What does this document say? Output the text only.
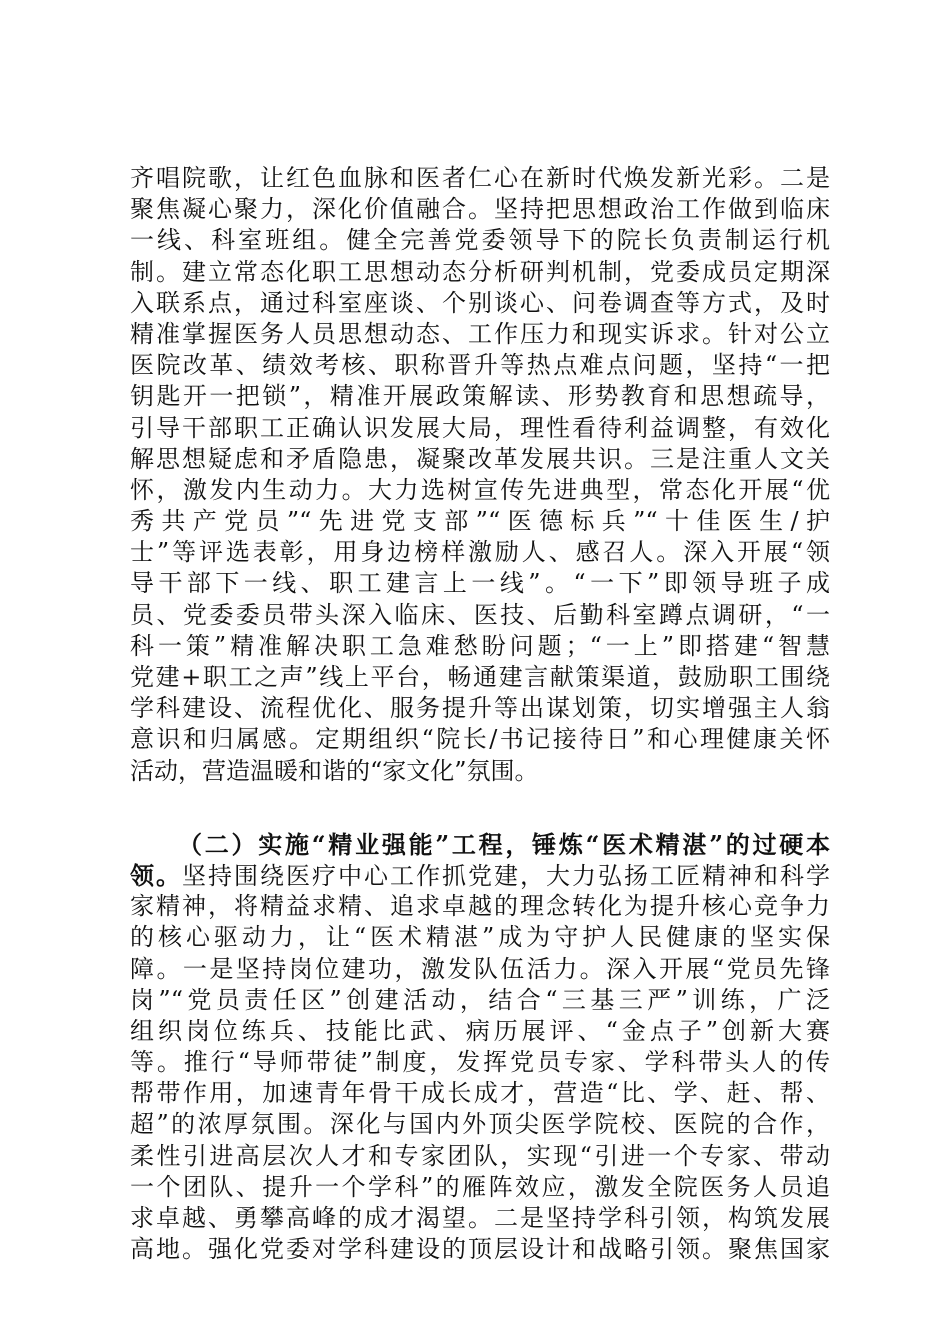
齐唱院歌，让红色血脉和医者仁心在新时代焕发新光彩。二是
聚焦凝心聚力，深化价值融合。坚持把思想政治工作做到临床
一线、科室班组。健全完善党委领导下的院长负责制运行机
制。建立常态化职工思想动态分析研判机制，党委成员定期深
入联系点，通过科室座谈、个别谈心、问卷调查等方式，及时
精准掌握医务人员思想动态、工作压力和现实诉求。针对公立
医院改革、绩效考核、职称晋升等热点难点问题，坚持“一把
钥匙开一把锁”，精准开展政策解读、形势教育和思想疏导，
引导干部职工正确认识发展大局，理性看待利益调整，有效化
解思想疑虑和矛盾隐患，凝聚改革发展共识。三是注重人文关
怀，激发内生动力。大力选树宣传先进典型，常态化开展“优
秀共产党员”“先进党支部”“医德标兵”“十佳医生/护
士”等评选表彰，用身边榜样激励人、感召人。深入开展“领
导干部下一线、职工建言上一线”。“一下”即领导班子成
员、党委委员带头深入临床、医技、后勤科室蹲点调研，“一
科一策”精准解决职工急难愁盼问题；“一上”即搭建“智慧
党建+职工之声”线上平台，畅通建言献策渠道，鼓励职工围绕
学科建设、流程优化、服务提升等出谋划策，切实增强主人翁
意识和归属感。定期组织“院长/书记接待日”和心理健康关怀
活动，营造温暖和谐的“家文化”氛围。
（二）实施“精业强能”工程，锤炼“医术精湛”的过硬本
领。坚持围绕医疗中心工作抓党建，大力弘扬工匠精神和科学
家精神，将精益求精、追求卓越的理念转化为提升核心竞争力
的核心驱动力，让“医术精湛”成为守护人民健康的坚实保
障。一是坚持岗位建功，激发队伍活力。深入开展“党员先锋
岗”“党员责任区”创建活动，结合“三基三严”训练，广泛
组织岗位练兵、技能比武、病历展评、“金点子”创新大赛
等。推行“导师带徒”制度，发挥党员专家、学科带头人的传
帮带作用，加速青年骨干成长成才，营造“比、学、赶、帮、
超”的浓厚氛围。深化与国内外顶尖医学院校、医院的合作，
柔性引进高层次人才和专家团队，实现“引进一个专家、带动
一个团队、提升一个学科”的雁阵效应，激发全院医务人员追
求卓越、勇攀高峰的成才渴望。二是坚持学科引领，构筑发展
高地。强化党委对学科建设的顶层设计和战略引领。聚焦国家
